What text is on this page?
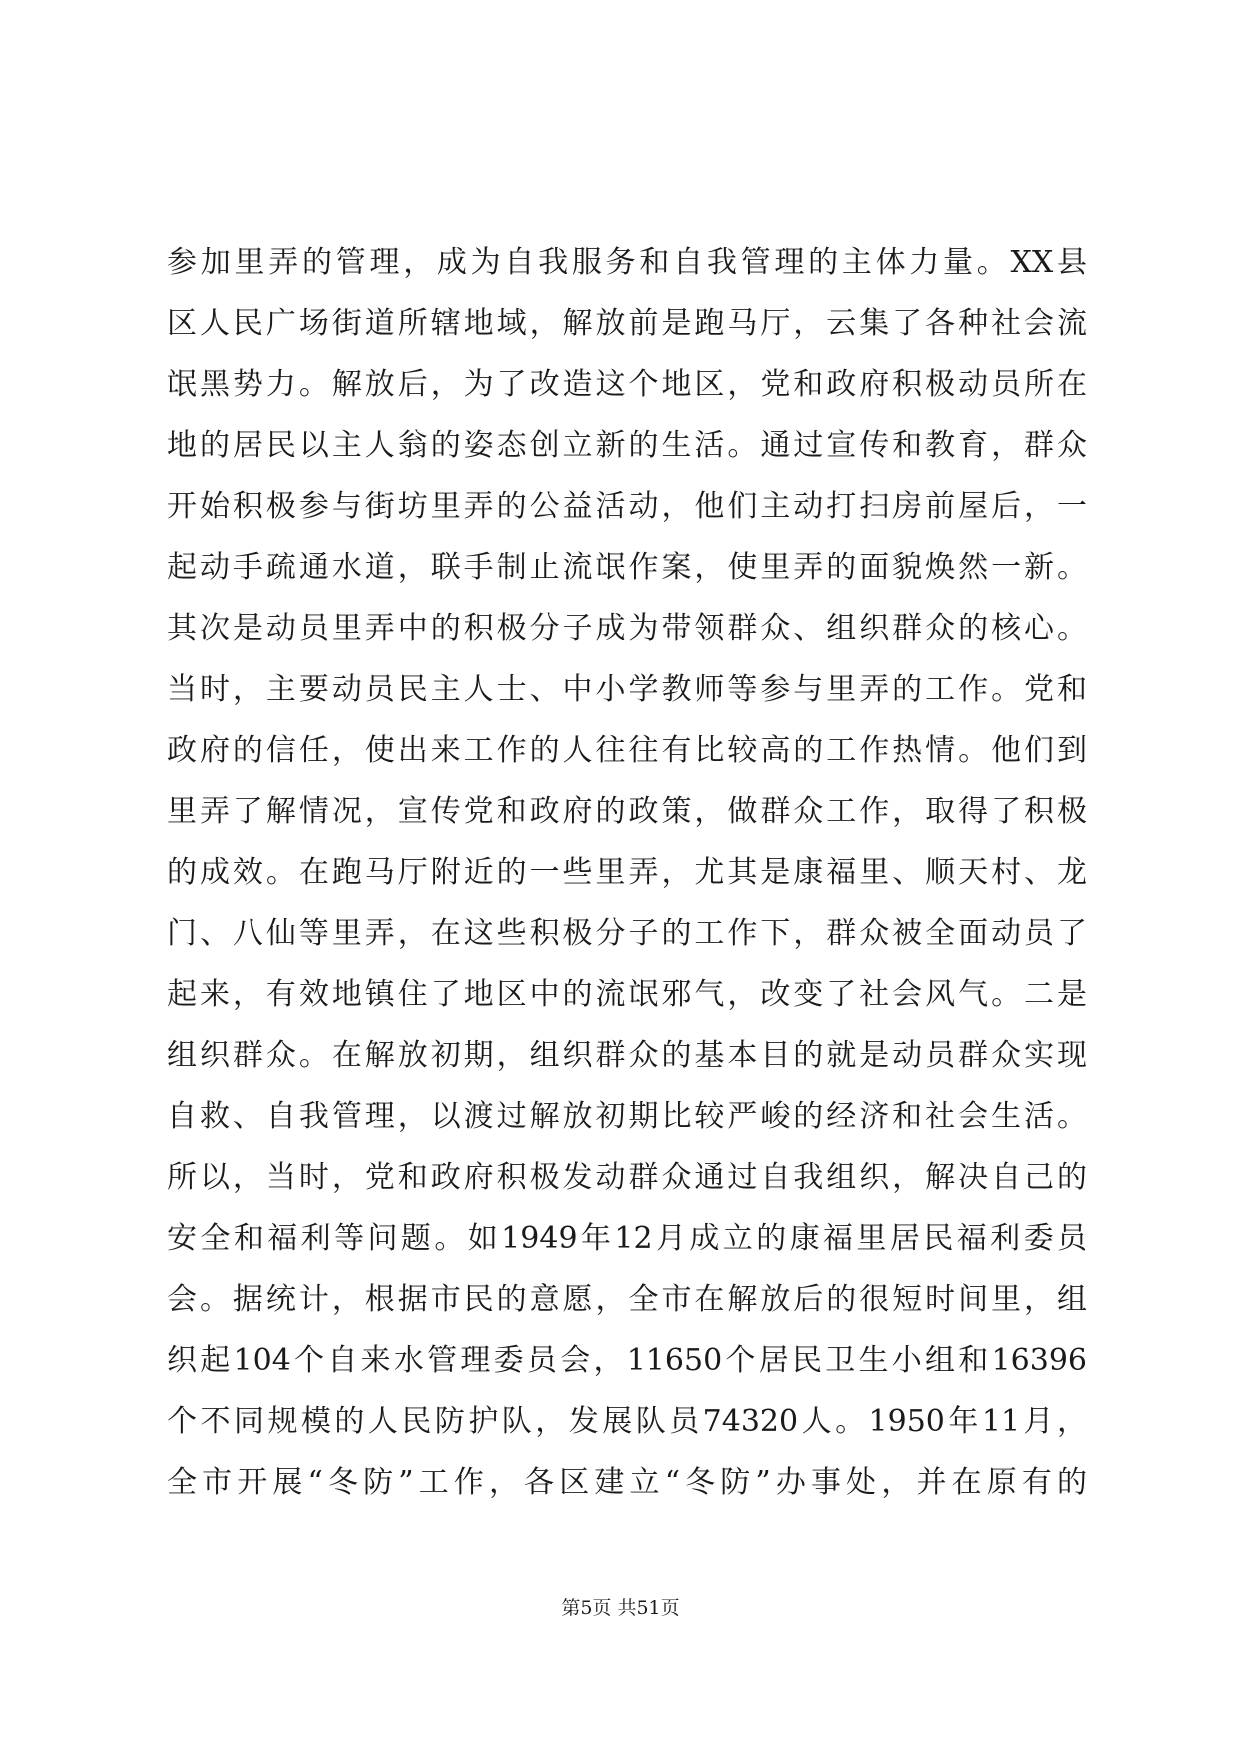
参加里弄的管理，成为自我服务和自我管理的主体力量。XX县
区人民广场街道所辖地域，解放前是跑马厅，云集了各种社会流
氓黑势力。解放后，为了改造这个地区，党和政府积极动员所在
地的居民以主人翁的姿态创立新的生活。通过宣传和教育，群众
开始积极参与街坊里弄的公益活动，他们主动打扫房前屋后，一
起动手疏通水道，联手制止流氓作案，使里弄的面貌焕然一新。
其次是动员里弄中的积极分子成为带领群众、组织群众的核心。
当时，主要动员民主人士、中小学教师等参与里弄的工作。党和
政府的信任，使出来工作的人往往有比较高的工作热情。他们到
里弄了解情况，宣传党和政府的政策，做群众工作，取得了积极
的成效。在跑马厅附近的一些里弄，尤其是康福里、顺天村、龙
门、八仙等里弄，在这些积极分子的工作下，群众被全面动员了
起来，有效地镇住了地区中的流氓邪气，改变了社会风气。二是
组织群众。在解放初期，组织群众的基本目的就是动员群众实现
自救、自我管理，以渡过解放初期比较严峻的经济和社会生活。
所以，当时，党和政府积极发动群众通过自我组织，解决自己的
安全和福利等问题。如1949年12月成立的康福里居民福利委员
会。据统计，根据市民的意愿，全市在解放后的很短时间里，组
织起104个自来水管理委员会，11650个居民卫生小组和16396
个不同规模的人民防护队，发展队员74320人。1950年11月，
全市开展“冬防”工作，各区建立“冬防”办事处，并在原有的
第5页 共51页
